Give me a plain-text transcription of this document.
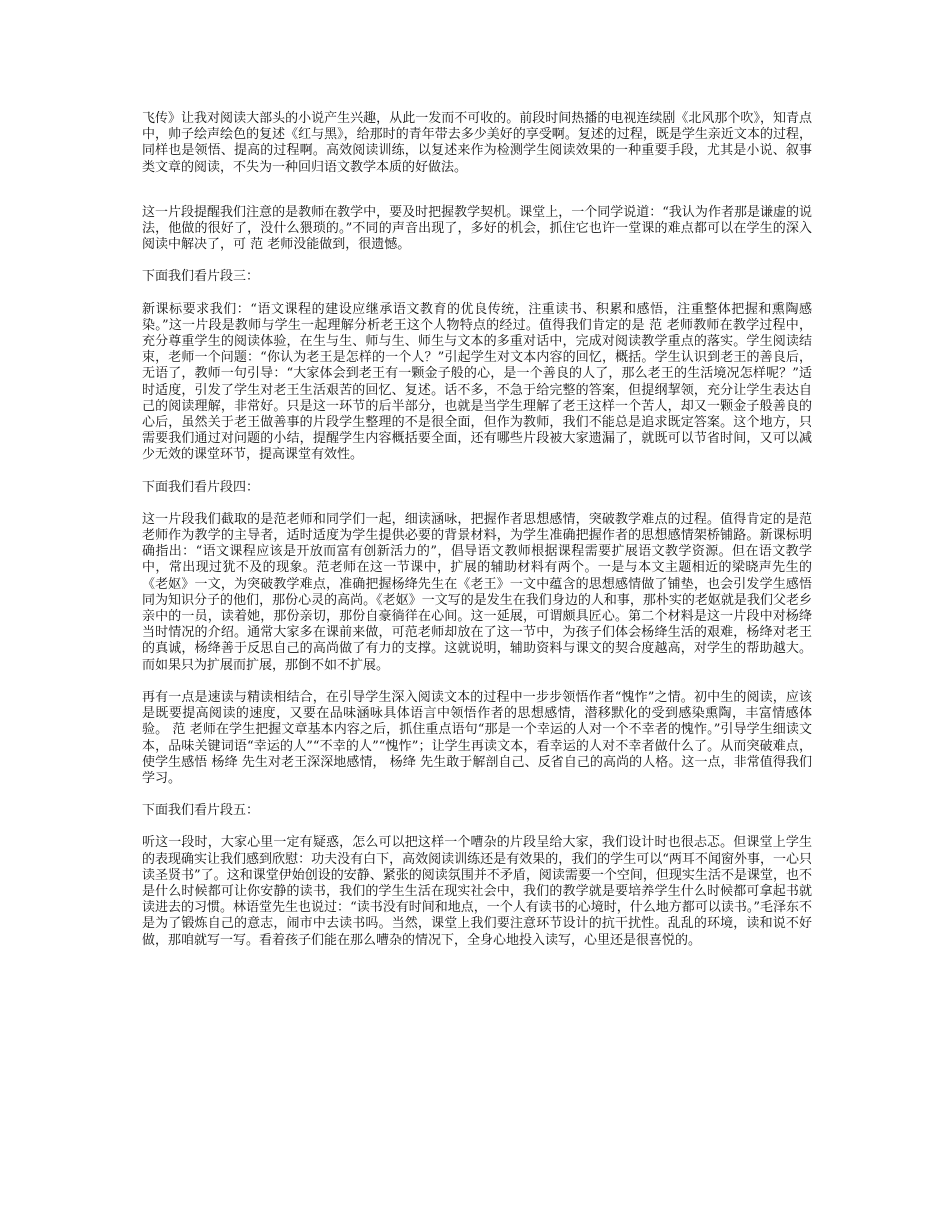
飞传》让我对阅读大部头的小说产生兴趣，从此一发而不可收的。前段时间热播的电视连续剧《北风那个吹》，知青点中，帅子绘声绘色的复述《红与黑》，给那时的青年带去多少美好的享受啊。复述的过程，既是学生亲近文本的过程，同样也是领悟、提高的过程啊。高效阅读训练，以复述来作为检测学生阅读效果的一种重要手段，尤其是小说、叙事类文章的阅读，不失为一种回归语文教学本质的好做法。

这一片段提醒我们注意的是教师在教学中，要及时把握教学契机。课堂上，一个同学说道：“我认为作者那是谦虚的说法，他做的很好了，没什么猥琐的。”不同的声音出现了，多好的机会，抓住它也许一堂课的难点都可以在学生的深入阅读中解决了，可 范 老师没能做到，很遗憾。

下面我们看片段三：

新课标要求我们：“语文课程的建设应继承语文教育的优良传统，注重读书、积累和感悟，注重整体把握和熏陶感染。”这一片段是教师与学生一起理解分析老王这个人物特点的经过。值得我们肯定的是 范 老师教师在教学过程中，充分尊重学生的阅读体验，在生与生、师与生、师生与文本的多重对话中，完成对阅读教学重点的落实。学生阅读结束，老师一个问题：“你认为老王是怎样的一个人？”引起学生对文本内容的回忆，概括。学生认识到老王的善良后，无语了，教师一句引导：“大家体会到老王有一颗金子般的心，是一个善良的人了，那么老王的生活境况怎样呢？”适时适度，引发了学生对老王生活艰苦的回忆、复述。话不多，不急于给完整的答案，但提纲挈领，充分让学生表达自己的阅读理解，非常好。只是这一环节的后半部分，也就是当学生理解了老王这样一个苦人，却又一颗金子般善良的心后，虽然关于老王做善事的片段学生整理的不是很全面，但作为教师，我们不能总是追求既定答案。这个地方，只需要我们通过对问题的小结，提醒学生内容概括要全面，还有哪些片段被大家遗漏了，就既可以节省时间，又可以减少无效的课堂环节，提高课堂有效性。

下面我们看片段四：

这一片段我们截取的是范老师和同学们一起，细读涵咏，把握作者思想感情，突破教学难点的过程。值得肯定的是范老师作为教学的主导者，适时适度为学生提供必要的背景材料，为学生准确把握作者的思想感情架桥铺路。新课标明确指出：“语文课程应该是开放而富有创新活力的”，倡导语文教师根据课程需要扩展语文教学资源。但在语文教学中，常出现过犹不及的现象。范老师在这一节课中，扩展的辅助材料有两个。一是与本文主题相近的梁晓声先生的《老妪》一文，为突破教学难点，准确把握杨绛先生在《老王》一文中蕴含的思想感情做了铺垫，也会引发学生感悟同为知识分子的他们，那份心灵的高尚。《老妪》一文写的是发生在我们身边的人和事，那朴实的老妪就是我们父老乡亲中的一员，读着她，那份亲切，那份自豪徜徉在心间。这一延展，可谓颇具匠心。第二个材料是这一片段中对杨绛当时情况的介绍。通常大家多在课前来做，可范老师却放在了这一节中，为孩子们体会杨绛生活的艰难，杨绛对老王的真诚，杨绛善于反思自己的高尚做了有力的支撑。这就说明，辅助资料与课文的契合度越高，对学生的帮助越大。而如果只为扩展而扩展，那倒不如不扩展。

再有一点是速读与精读相结合，在引导学生深入阅读文本的过程中一步步领悟作者“愧怍”之情。初中生的阅读，应该是既要提高阅读的速度，又要在品味涵咏具体语言中领悟作者的思想感情，潜移默化的受到感染熏陶，丰富情感体验。 范 老师在学生把握文章基本内容之后，抓住重点语句“那是一个幸运的人对一个不幸者的愧怍。”引导学生细读文本，品味关键词语“幸运的人”“不幸的人”“愧怍”；让学生再读文本，看幸运的人对不幸者做什么了。从而突破难点，使学生感悟 杨绛 先生对老王深深地感情， 杨绛 先生敢于解剖自己、反省自己的高尚的人格。这一点，非常值得我们学习。

下面我们看片段五：

听这一段时，大家心里一定有疑惑，怎么可以把这样一个嘈杂的片段呈给大家，我们设计时也很忐忑。但课堂上学生的表现确实让我们感到欣慰：功夫没有白下，高效阅读训练还是有效果的，我们的学生可以“两耳不闻窗外事，一心只读圣贤书”了。这和课堂伊始创设的安静、紧张的阅读氛围并不矛盾，阅读需要一个空间，但现实生活不是课堂，也不是什么时候都可让你安静的读书，我们的学生生活在现实社会中，我们的教学就是要培养学生什么时候都可拿起书就读进去的习惯。林语堂先生也说过：“读书没有时间和地点，一个人有读书的心境时，什么地方都可以读书。”毛泽东不是为了锻炼自己的意志，闹市中去读书吗。当然，课堂上我们要注意环节设计的抗干扰性。乱乱的环境，读和说不好做，那咱就写一写。看着孩子们能在那么嘈杂的情况下，全身心地投入读写，心里还是很喜悦的。
